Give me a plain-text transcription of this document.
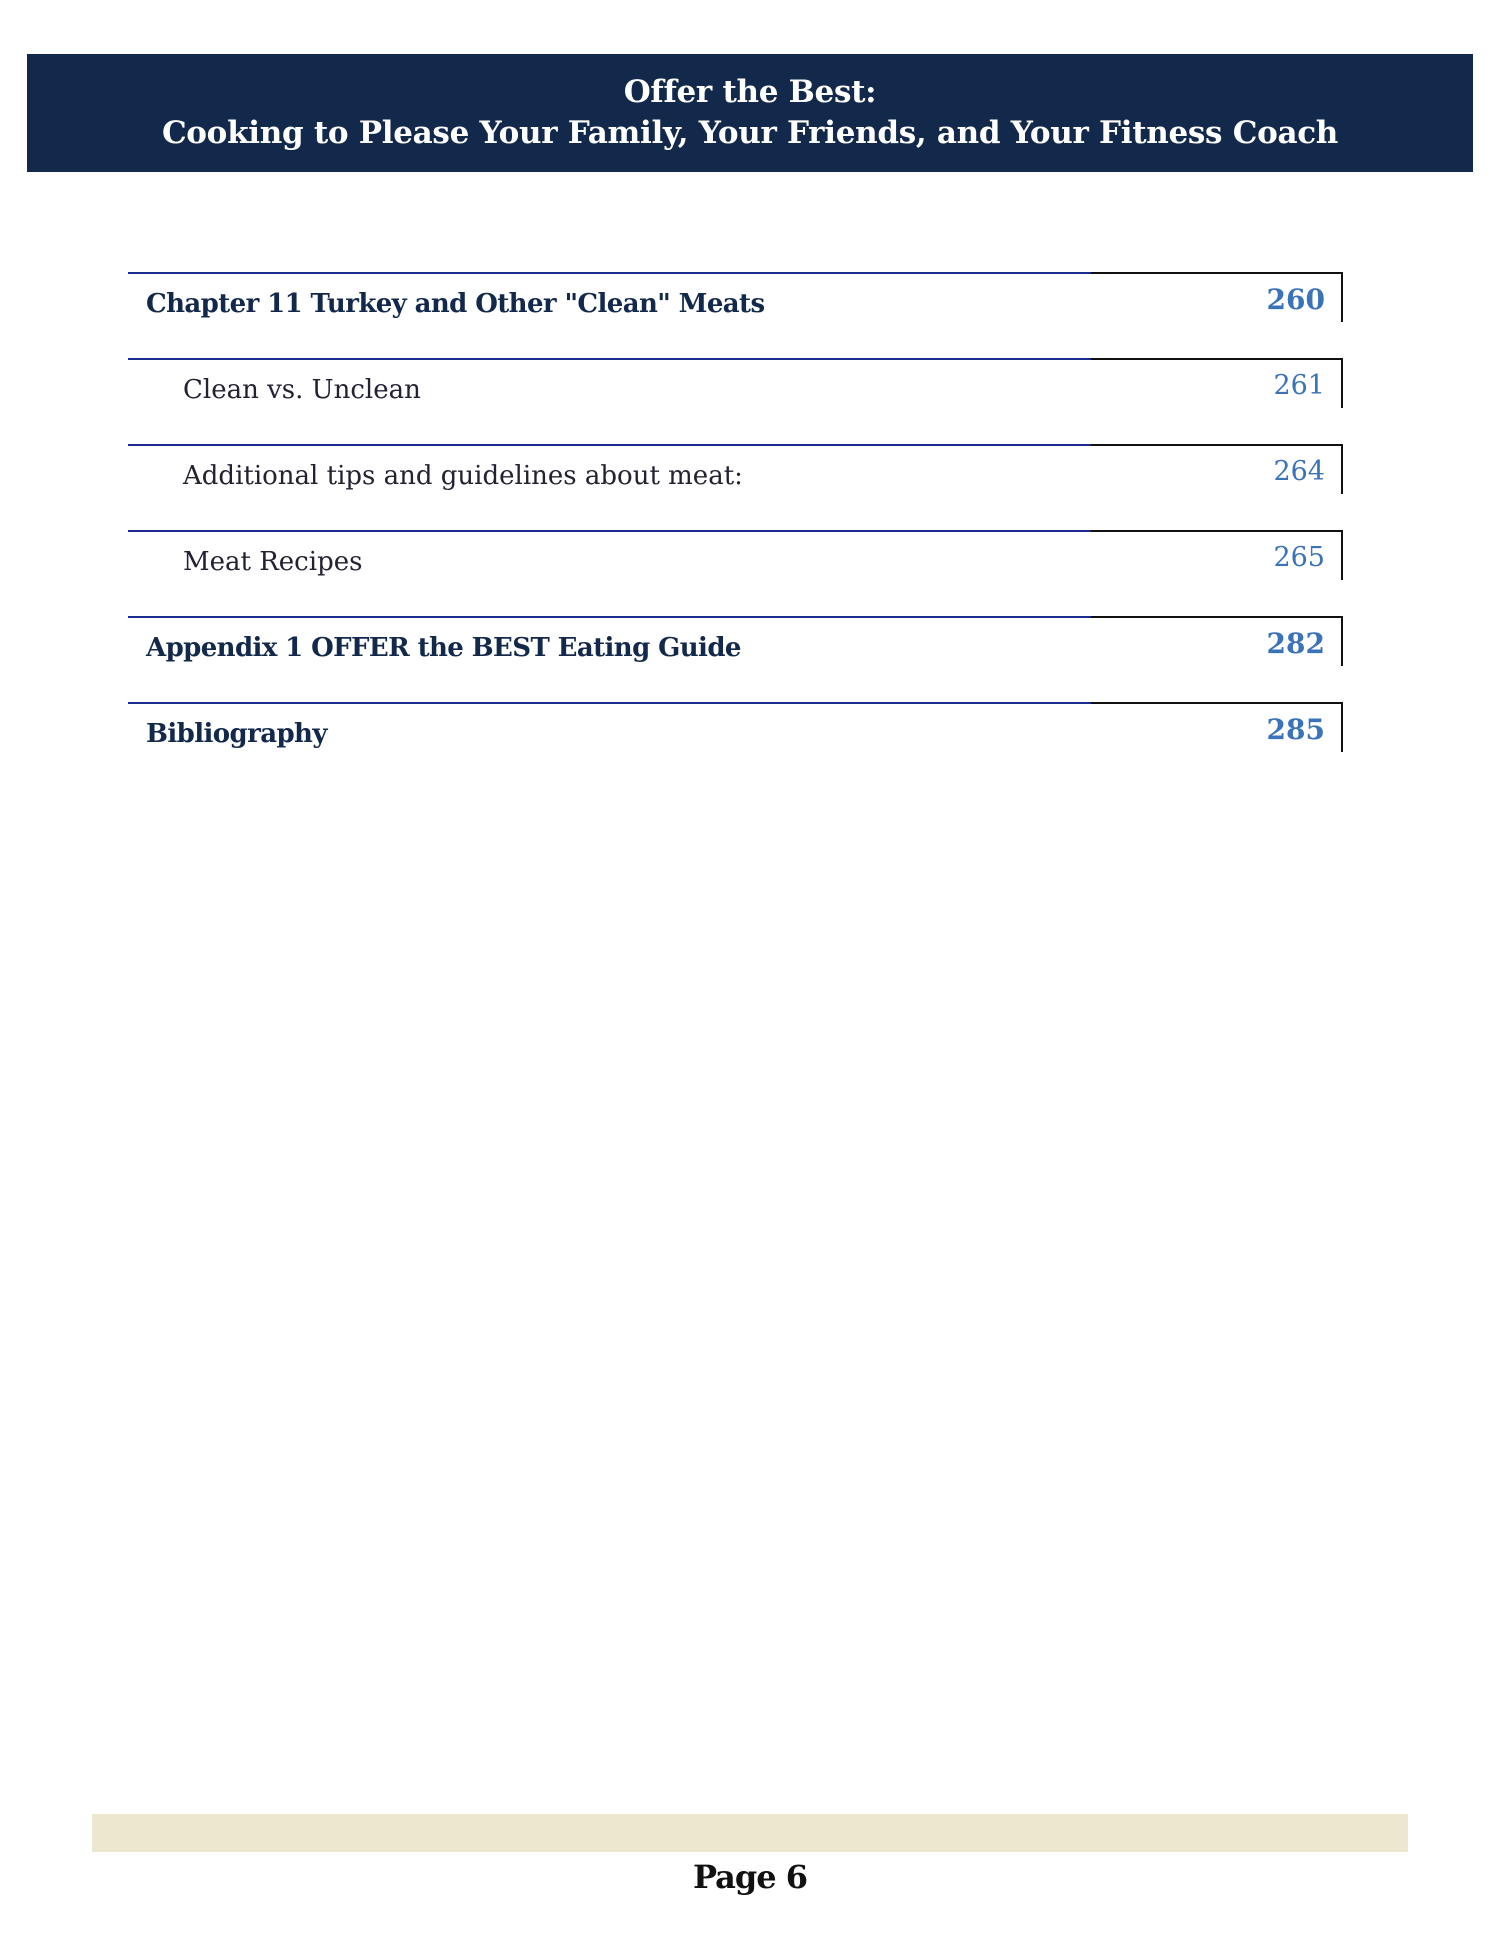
Offer the Best:
Cooking to Please Your Family, Your Friends, and Your Fitness Coach
Chapter 11 Turkey and Other "Clean" Meats	260
Clean vs. Unclean	261
Additional tips and guidelines about meat:	264
Meat Recipes	265
Appendix 1 OFFER the BEST Eating Guide	282
Bibliography	285
Page 6
